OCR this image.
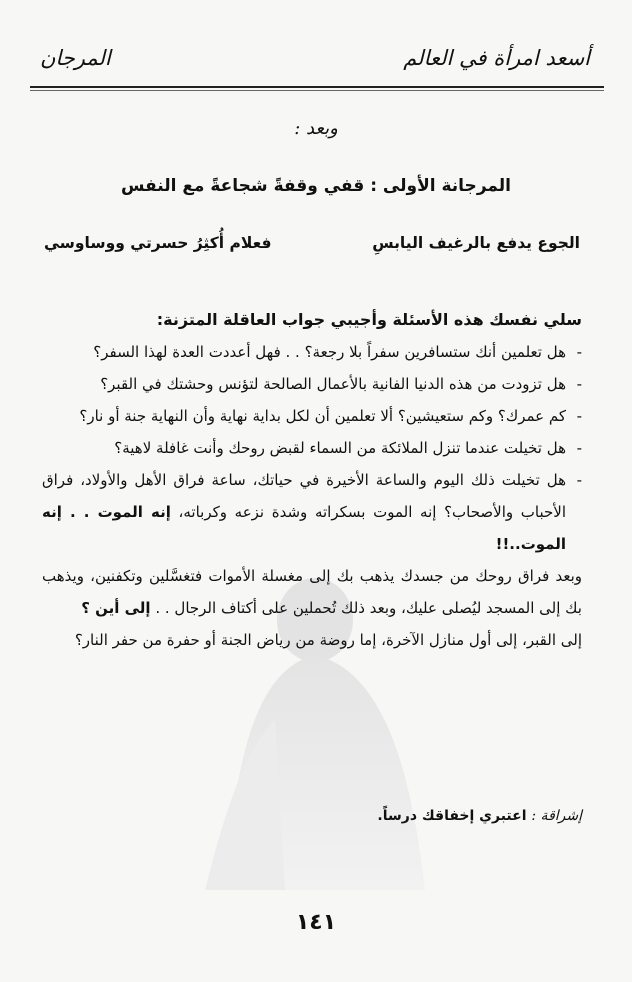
أسعد امرأة في العالم
المرجان
وبعد :
المرجانة الأولى : قفي وقفةً شجاعةً مع النفس
الجوع يدفع بالرغيف اليابسِ
فعلام أُكثِرُ حسرتي ووساوسي

سلي نفسك هذه الأسئلة وأجيبي جواب العاقلة المتزنة:

-
هل تعلمين أنك ستسافرين سفراً بلا رجعة؟ . . فهل أعددت العدة لهذا السفر؟

-
هل تزودت من هذه الدنيا الفانية بالأعمال الصالحة لتؤنس وحشتك في القبر؟

-
كم عمرك؟ وكم ستعيشين؟ ألا تعلمين أن لكل بداية نهاية وأن النهاية جنة أو نار؟

-
هل تخيلت عندما تنزل الملائكة من السماء لقبض روحك وأنت غافلة لاهية؟

-
هل تخيلت ذلك اليوم والساعة الأخيرة في حياتك، ساعة فراق الأهل والأولاد، فراق الأحباب والأصحاب؟ إنه الموت بسكراته وشدة نزعه وكرباته، إنه الموت . . إنه الموت..!!

وبعد فراق روحك من جسدك يذهب بك إلى مغسلة الأموات فتغسَّلين وتكفنين، ويذهب بك إلى المسجد ليُصلى عليك، وبعد ذلك تُحملين على أكتاف الرجال . . إلى أين ؟

إلى القبر، إلى أول منازل الآخرة، إما روضة من رياض الجنة أو حفرة من حفر النار؟

إشراقة : اعتبري إخفاقك درساً.
١٤١
